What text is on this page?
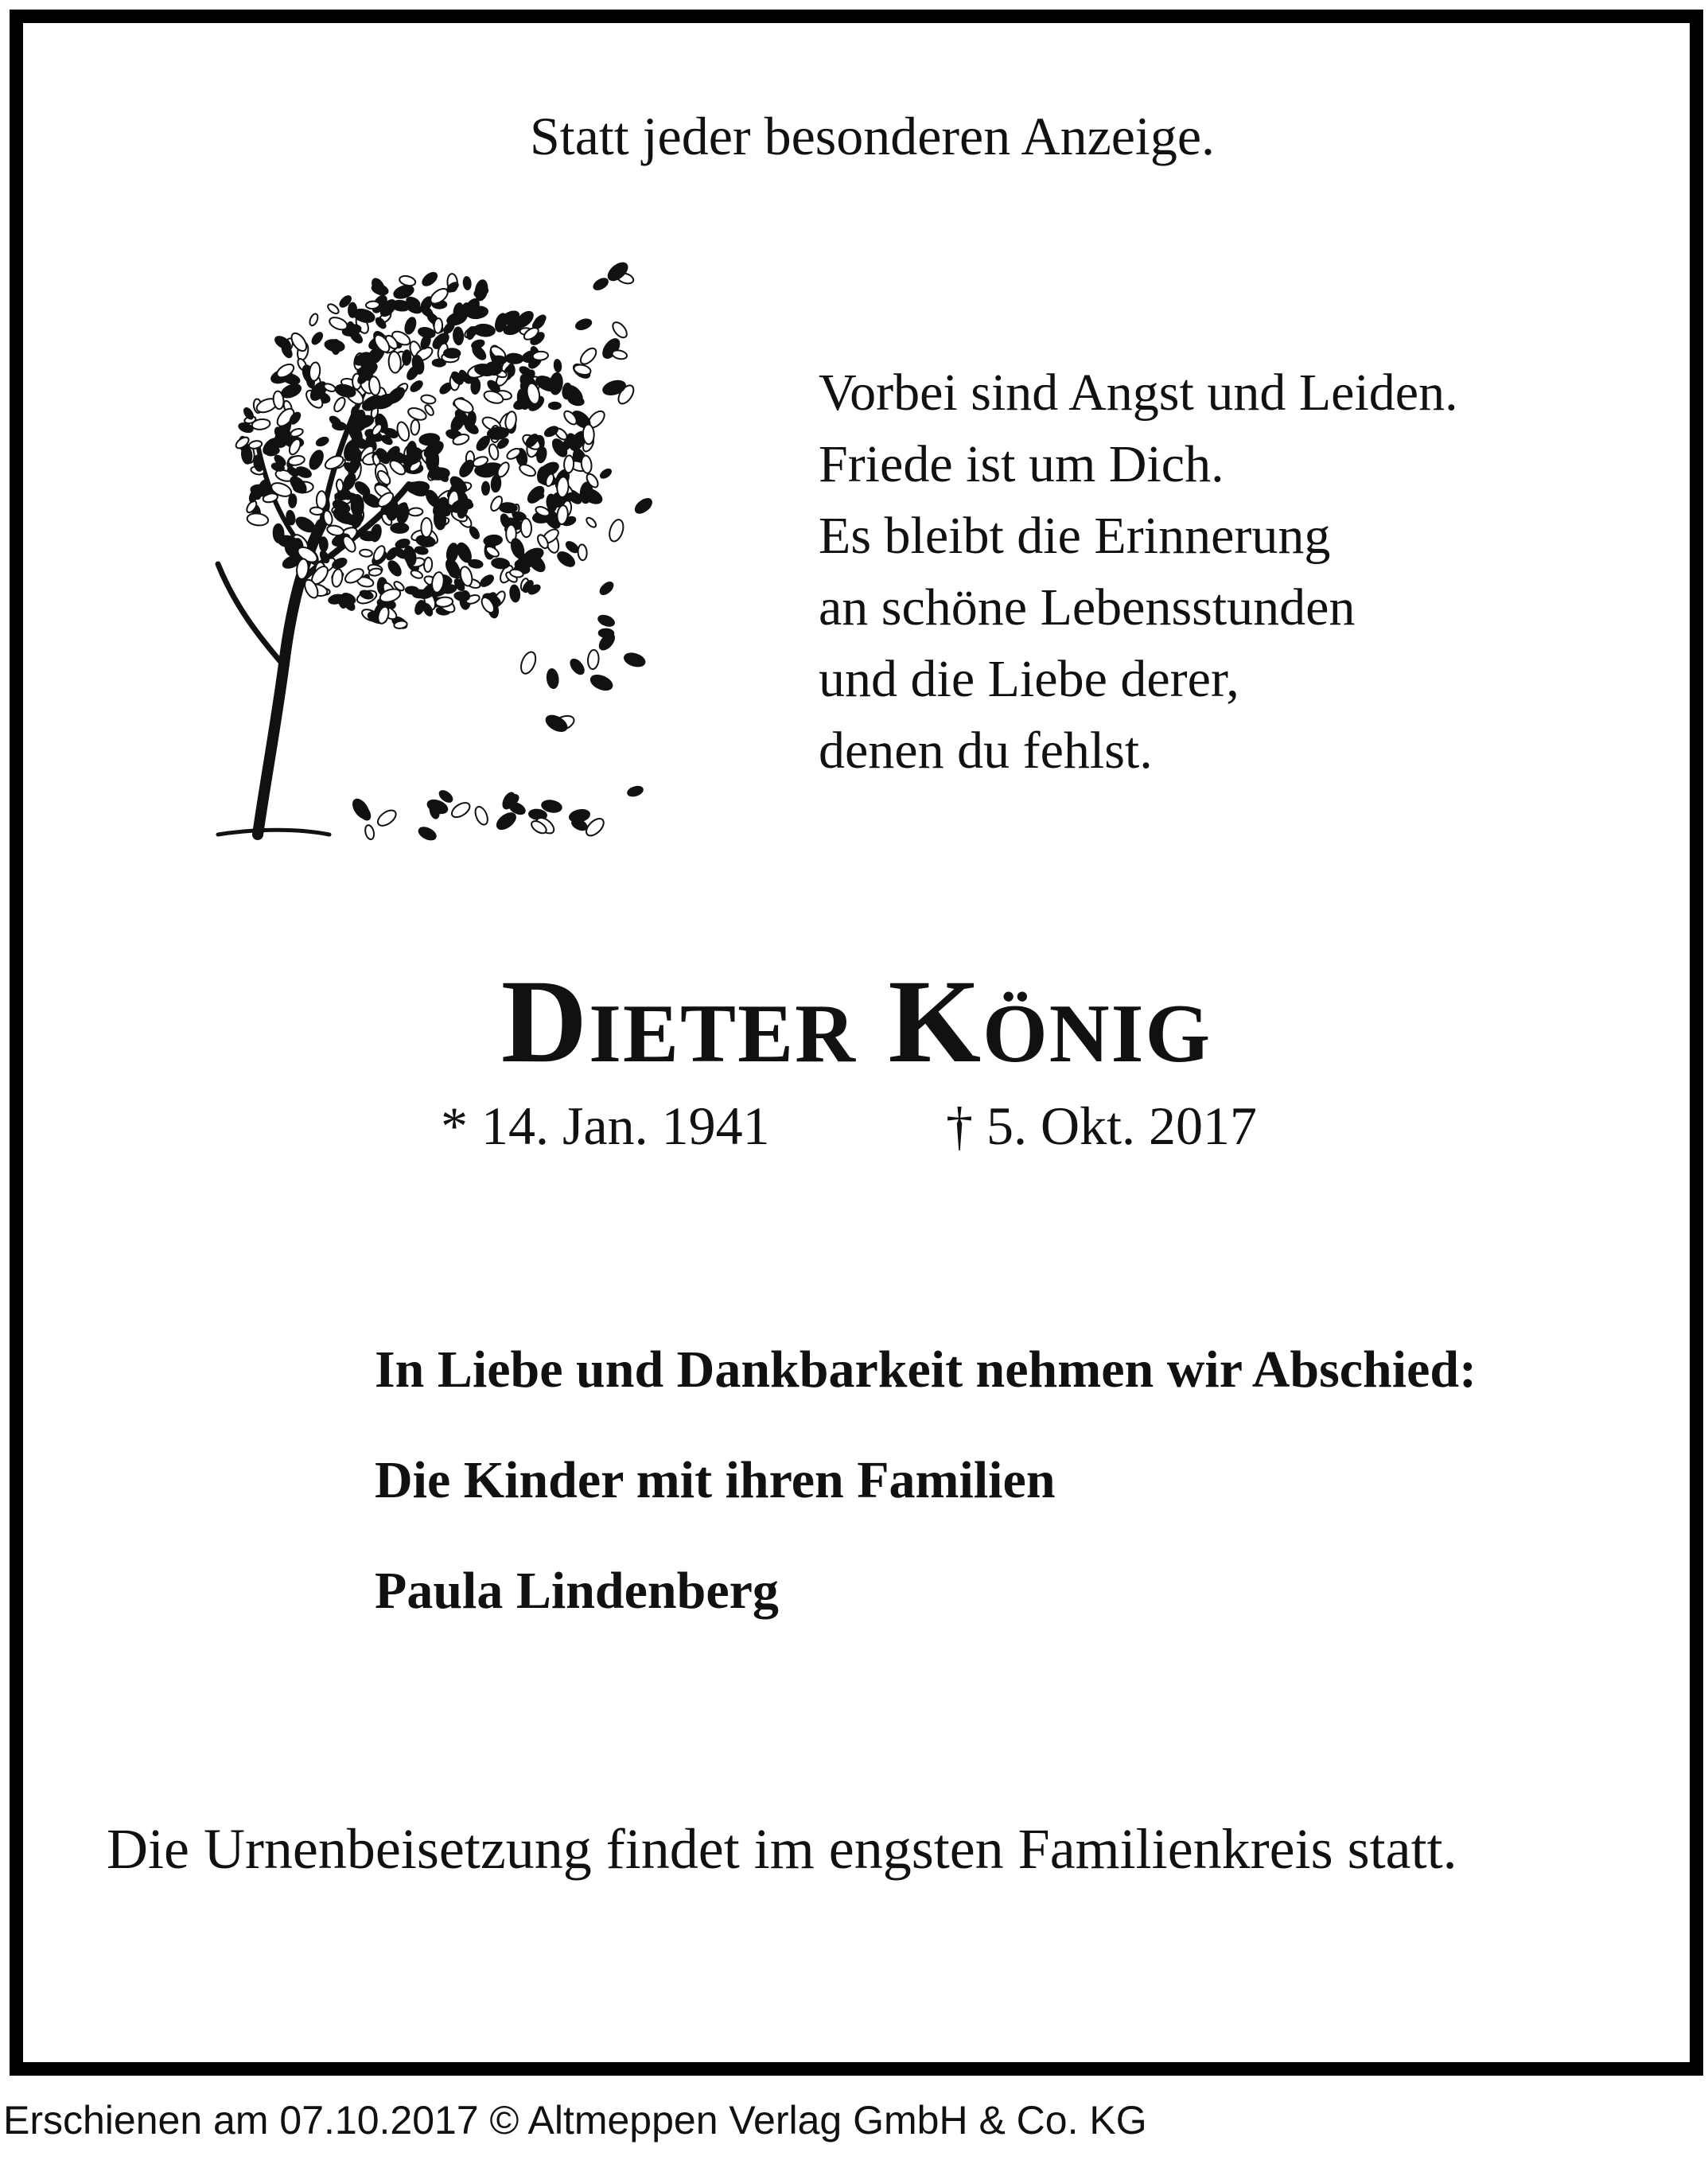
Statt jeder besonderen Anzeige.
Vorbei sind Angst und Leiden.
Friede ist um Dich.
Es bleibt die Erinnerung
an schöne Lebensstunden
und die Liebe derer,
denen du fehlst.
Dieter König
* 14. Jan. 1941	† 5. Okt. 2017
In Liebe und Dankbarkeit nehmen wir Abschied:
Die Kinder mit ihren Familien
Paula Lindenberg
Die Urnenbeisetzung findet im engsten Familienkreis statt.
Erschienen am 07.10.2017 © Altmeppen Verlag GmbH & Co. KG
